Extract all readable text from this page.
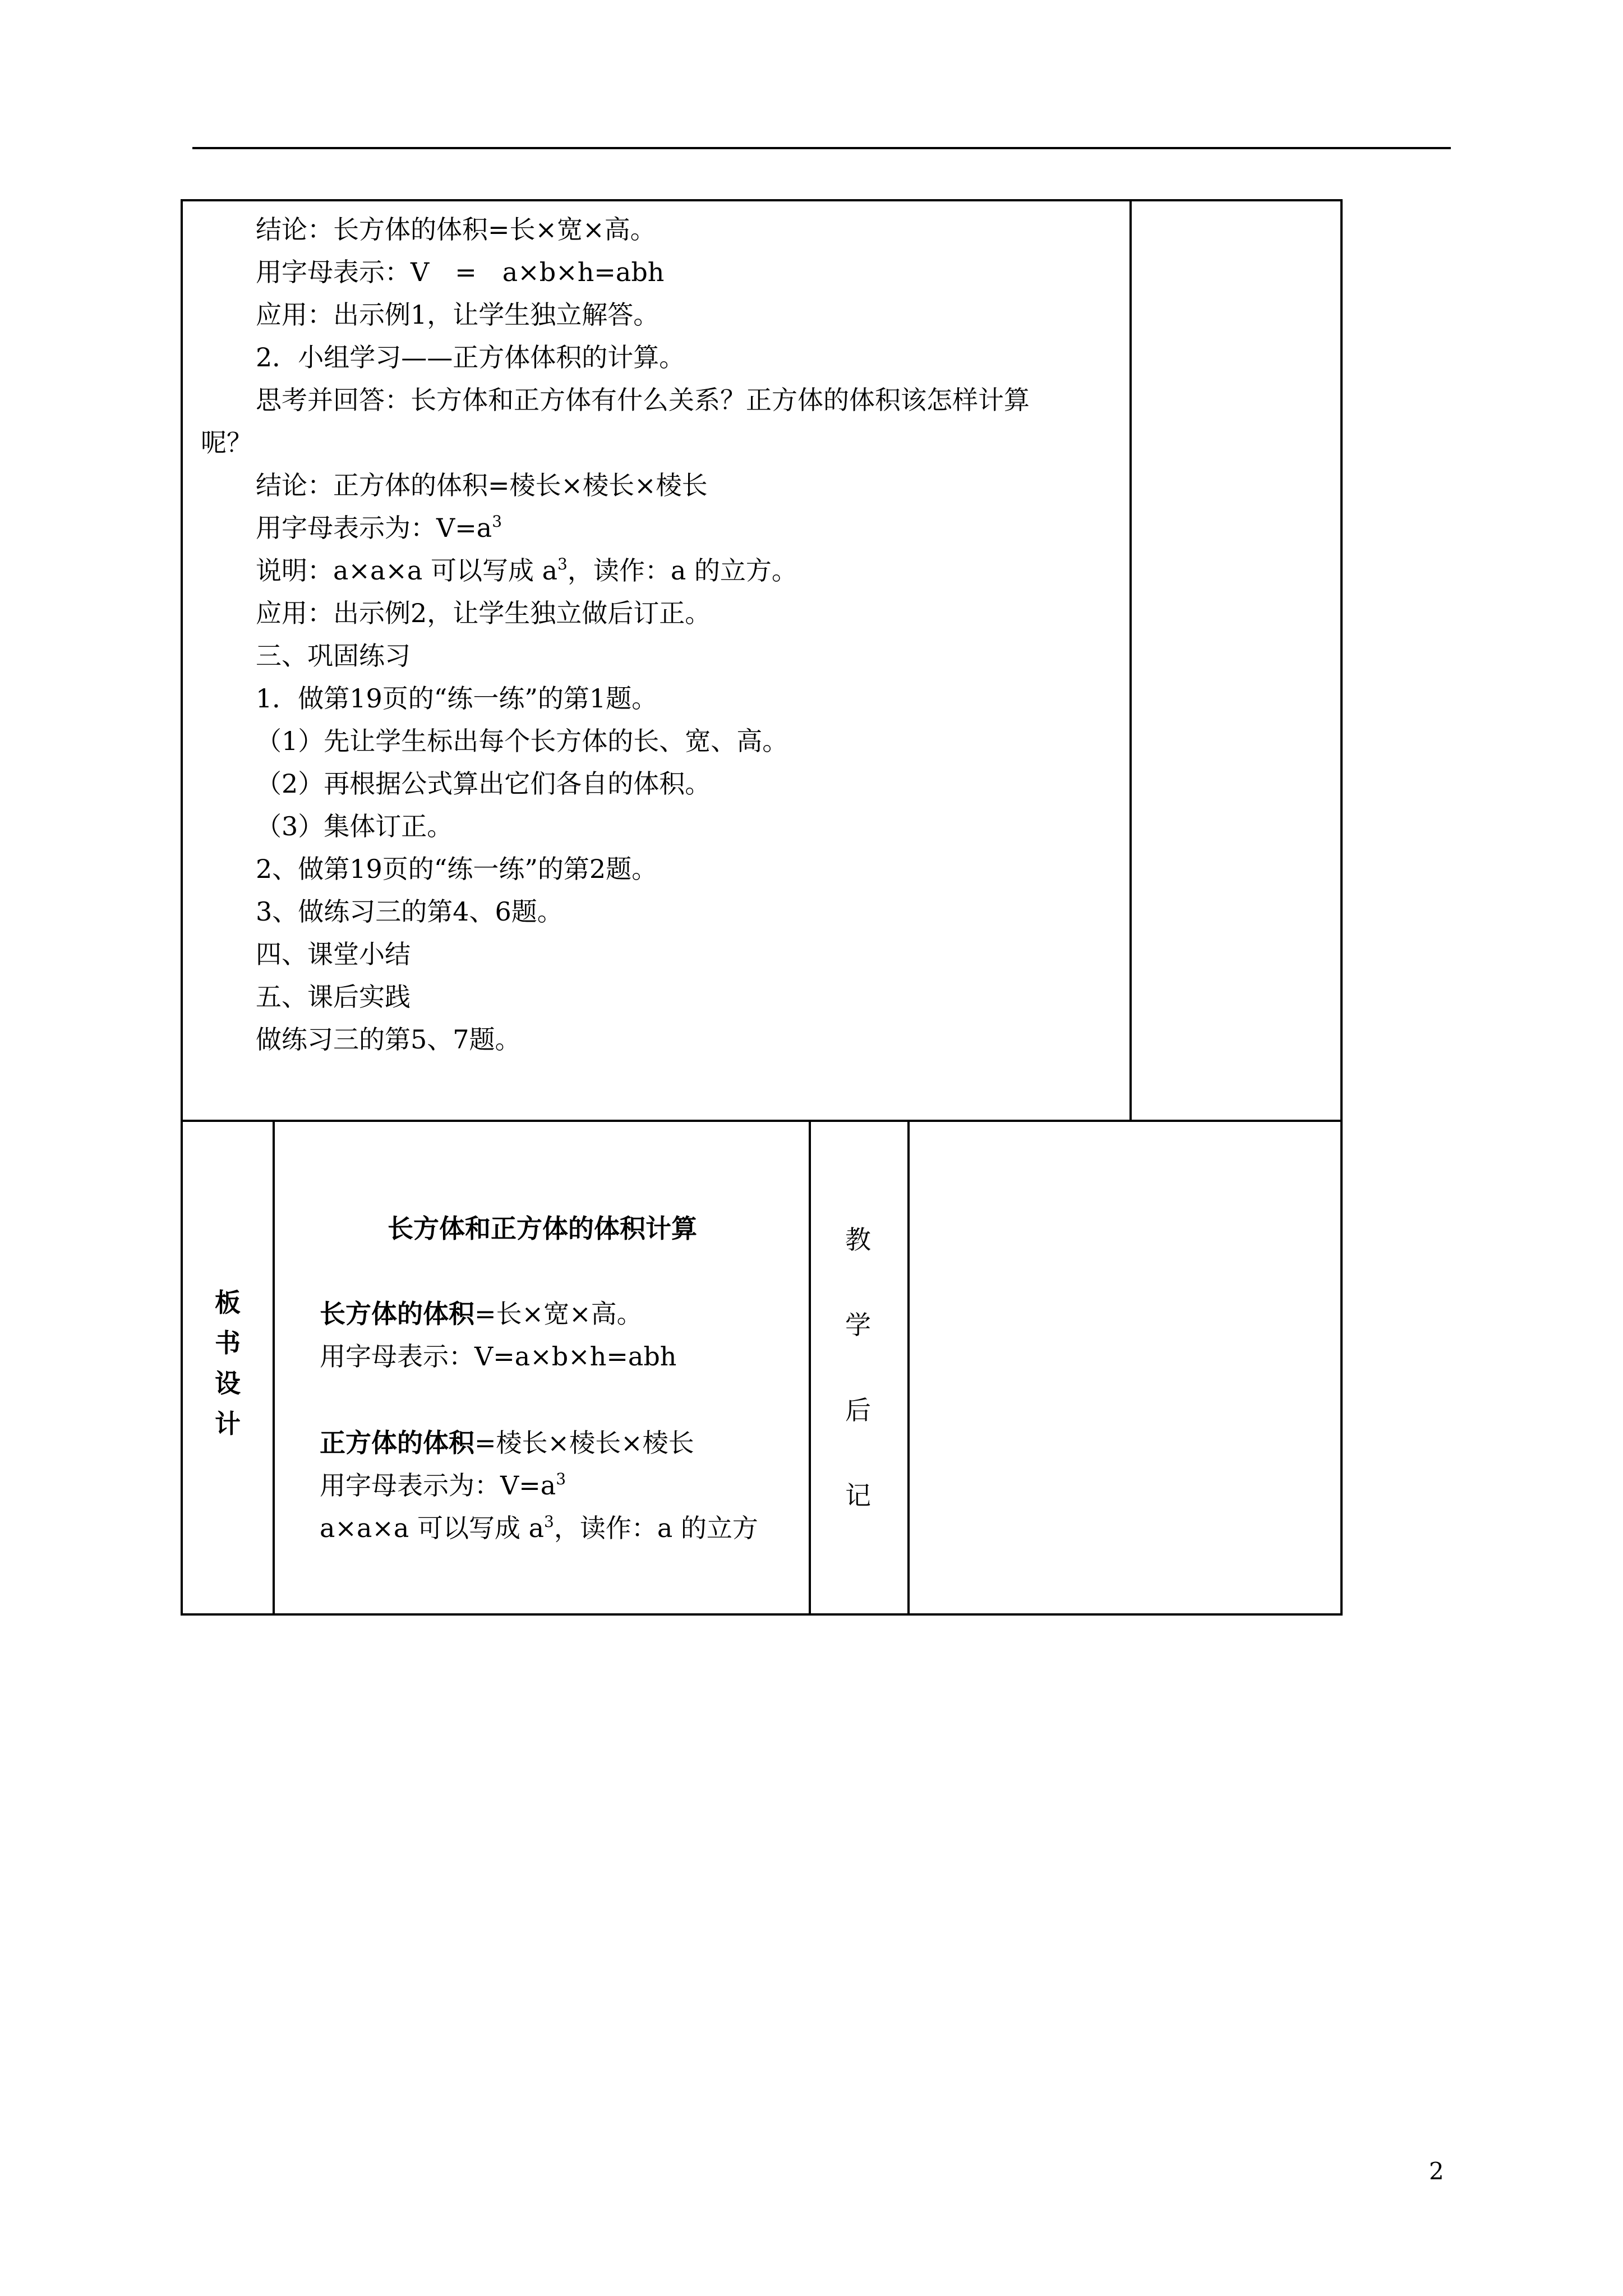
结论：长方体的体积=长×宽×高。
用字母表示：V　=　a×b×h=abh
应用：出示例1，让学生独立解答。
2．小组学习——正方体体积的计算。
思考并回答：长方体和正方体有什么关系？正方体的体积该怎样计算
呢？
结论：正方体的体积=棱长×棱长×棱长
用字母表示为：$V=a^3$
说明：a×a×a 可以写成 $a^3$，读作：a 的立方。
应用：出示例2，让学生独立做后订正。
三、巩固练习
1．做第19页的“练一练”的第1题。
（1）先让学生标出每个长方体的长、宽、高。
（2）再根据公式算出它们各自的体积。
（3）集体订正。
2、做第19页的“练一练”的第2题。
3、做练习三的第4、6题。
四、课堂小结
五、课后实践
做练习三的第5、7题。
板
书
设
计
长方体和正方体的体积计算
长方体的体积=长×宽×高。
用字母表示：V=a×b×h=abh
正方体的体积=棱长×棱长×棱长
用字母表示为：$V=a^3$
a×a×a 可以写成 $a^3$，读作：a 的立方
教
学
后
记
2
